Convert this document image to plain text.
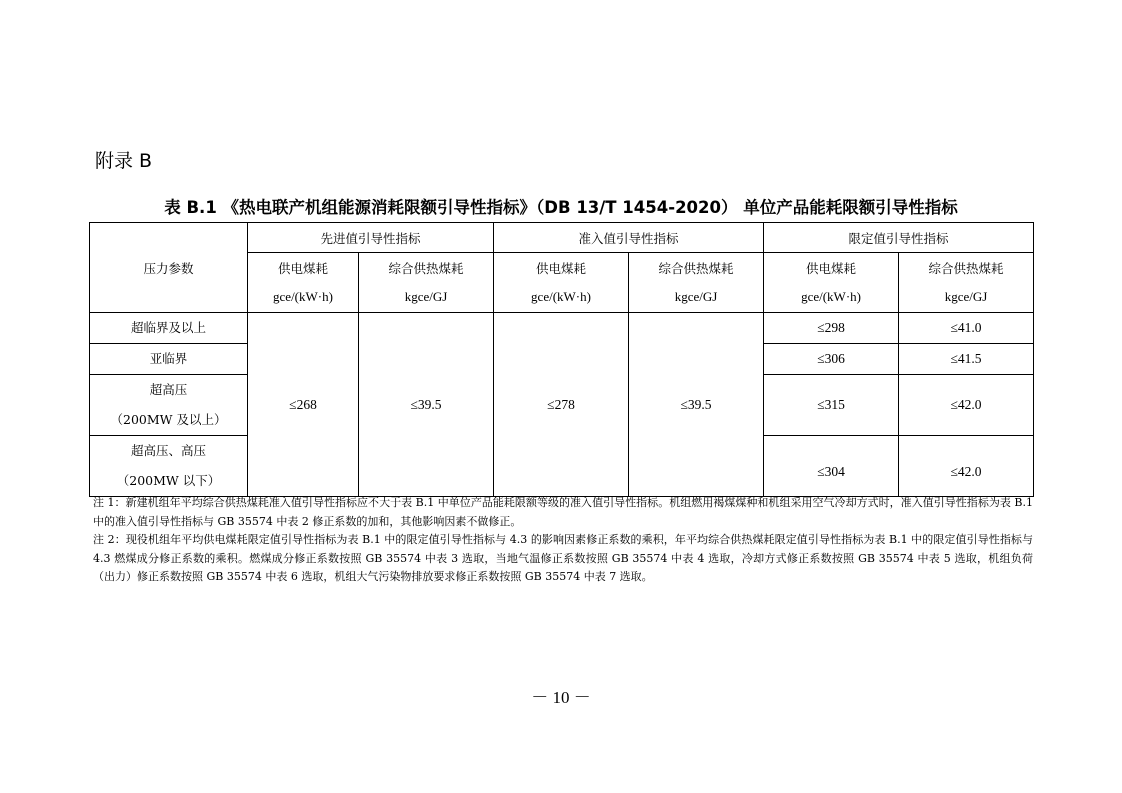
附录 B
表 B.1 《热电联产机组能源消耗限额引导性指标》（DB 13/T 1454-2020） 单位产品能耗限额引导性指标
压力参数	先进值引导性指标		准入值引导性指标		限定值引导性指标	
	供电煤耗	综合供热煤耗	供电煤耗	综合供热煤耗	供电煤耗	综合供热煤耗
	gce/(kW·h)	kgce/GJ	gce/(kW·h)	kgce/GJ	gce/(kW·h)	kgce/GJ
超临界及以上	≤268	≤39.5	≤278	≤39.5	≤298	≤41.0
亚临界					≤306	≤41.5
超高压
（200MW 及以上）					≤315	≤42.0
超高压、高压
（200MW 以下）					≤304	≤42.0

注 1：新建机组年平均综合供热煤耗准入值引导性指标应不大于表 B.1 中单位产品能耗限额等级的准入值引导性指标。机组燃用褐煤煤种和机组采用空气冷却方式时，准入值引导性指标为表 B.1 中的准入值引导性指标与 GB 35574 中表 2 修正系数的加和，其他影响因素不做修正。

注 2：现役机组年平均供电煤耗限定值引导性指标为表 B.1 中的限定值引导性指标与 4.3 的影响因素修正系数的乘积，年平均综合供热煤耗限定值引导性指标为表 B.1 中的限定值引导性指标与 4.3 燃煤成分修正系数的乘积。燃煤成分修正系数按照 GB 35574 中表 3 选取，当地气温修正系数按照 GB 35574 中表 4 选取，冷却方式修正系数按照 GB 35574 中表 5 选取，机组负荷（出力）修正系数按照 GB 35574 中表 6 选取，机组大气污染物排放要求修正系数按照 GB 35574 中表 7 选取。

－ 10 －
